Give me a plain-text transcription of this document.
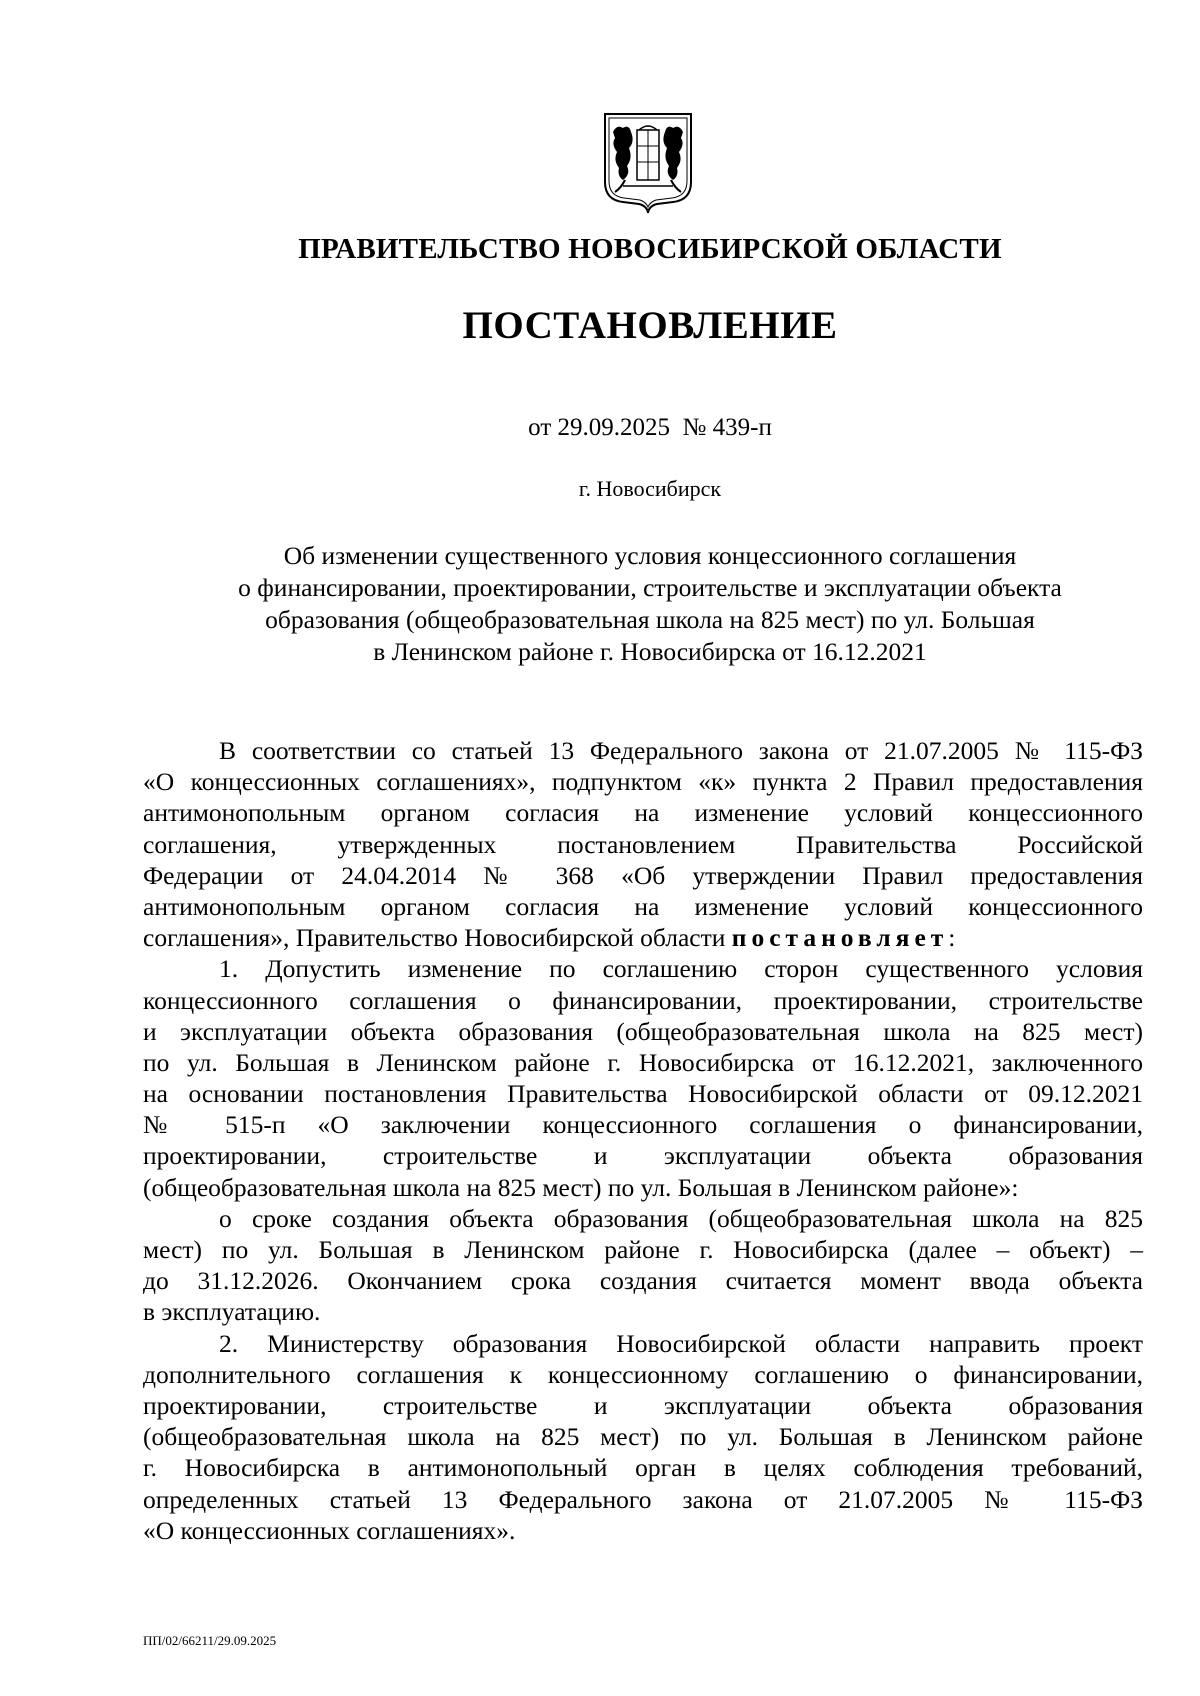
ПРАВИТЕЛЬСТВО НОВОСИБИРСКОЙ ОБЛАСТИ
ПОСТАНОВЛЕНИЕ
от 29.09.2025  № 439-п
г. Новосибирск
Об изменении существенного условия концессионного соглашения
о финансировании, проектировании, строительстве и эксплуатации объекта
образования (общеобразовательная школа на 825 мест) по ул. Большая
в Ленинском районе г. Новосибирска от 16.12.2021
В соответствии со статьей 13 Федерального закона от 21.07.2005 № 115-ФЗ
«О концессионных соглашениях», подпунктом «к» пункта 2 Правил предоставления
антимонопольным органом согласия на изменение условий концессионного
соглашения, утвержденных постановлением Правительства Российской
Федерации от 24.04.2014 № 368 «Об утверждении Правил предоставления
антимонопольным органом согласия на изменение условий концессионного
соглашения», Правительство Новосибирской области постановляет:
1. Допустить изменение по соглашению сторон существенного условия
концессионного соглашения о финансировании, проектировании, строительстве
и эксплуатации объекта образования (общеобразовательная школа на 825 мест)
по ул. Большая в Ленинском районе г. Новосибирска от 16.12.2021, заключенного
на основании постановления Правительства Новосибирской области от 09.12.2021
№ 515-п «О заключении концессионного соглашения о финансировании,
проектировании, строительстве и эксплуатации объекта образования
(общеобразовательная школа на 825 мест) по ул. Большая в Ленинском районе»:
о сроке создания объекта образования (общеобразовательная школа на 825
мест) по ул. Большая в Ленинском районе г. Новосибирска (далее – объект) –
до 31.12.2026. Окончанием срока создания считается момент ввода объекта
в эксплуатацию.
2. Министерству образования Новосибирской области направить проект
дополнительного соглашения к концессионному соглашению о финансировании,
проектировании, строительстве и эксплуатации объекта образования
(общеобразовательная школа на 825 мест) по ул. Большая в Ленинском районе
г. Новосибирска в антимонопольный орган в целях соблюдения требований,
определенных статьей 13 Федерального закона от 21.07.2005 № 115-ФЗ
«О концессионных соглашениях».
ПП/02/66211/29.09.2025
